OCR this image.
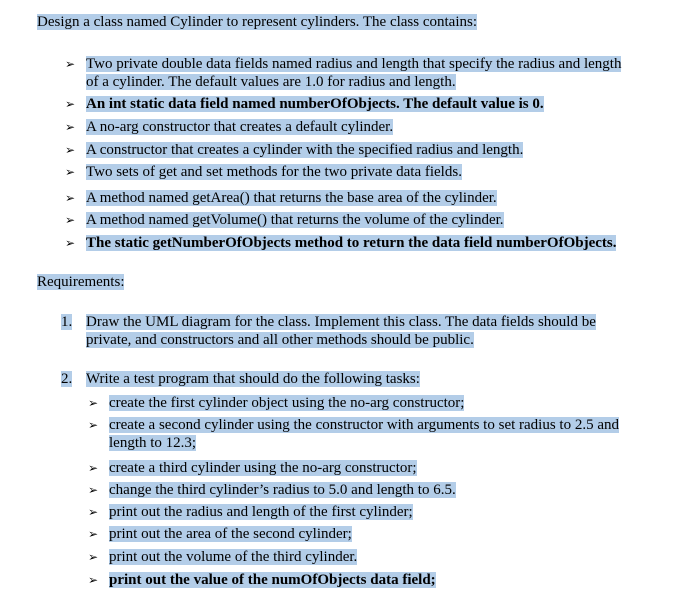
Design a class named Cylinder to represent cylinders. The class contains:
➢ Two private double data fields named radius and length that specify the radius and length
of a cylinder. The default values are 1.0 for radius and length.
➢ An int static data field named numberOfObjects. The default value is 0.
➢ A no-arg constructor that creates a default cylinder.
➢ A constructor that creates a cylinder with the specified radius and length.
➢ Two sets of get and set methods for the two private data fields.
➢ A method named getArea() that returns the base area of the cylinder.
➢ A method named getVolume() that returns the volume of the cylinder.
➢ The static getNumberOfObjects method to return the data field numberOfObjects.
Requirements:
1. Draw the UML diagram for the class. Implement this class. The data fields should be
private, and constructors and all other methods should be public.
2. Write a test program that should do the following tasks:
➢ create the first cylinder object using the no-arg constructor;
➢ create a second cylinder using the constructor with arguments to set radius to 2.5 and
length to 12.3;
➢ create a third cylinder using the no-arg constructor;
➢ change the third cylinder’s radius to 5.0 and length to 6.5.
➢ print out the radius and length of the first cylinder;
➢ print out the area of the second cylinder;
➢ print out the volume of the third cylinder.
➢ print out the value of the numOfObjects data field;
